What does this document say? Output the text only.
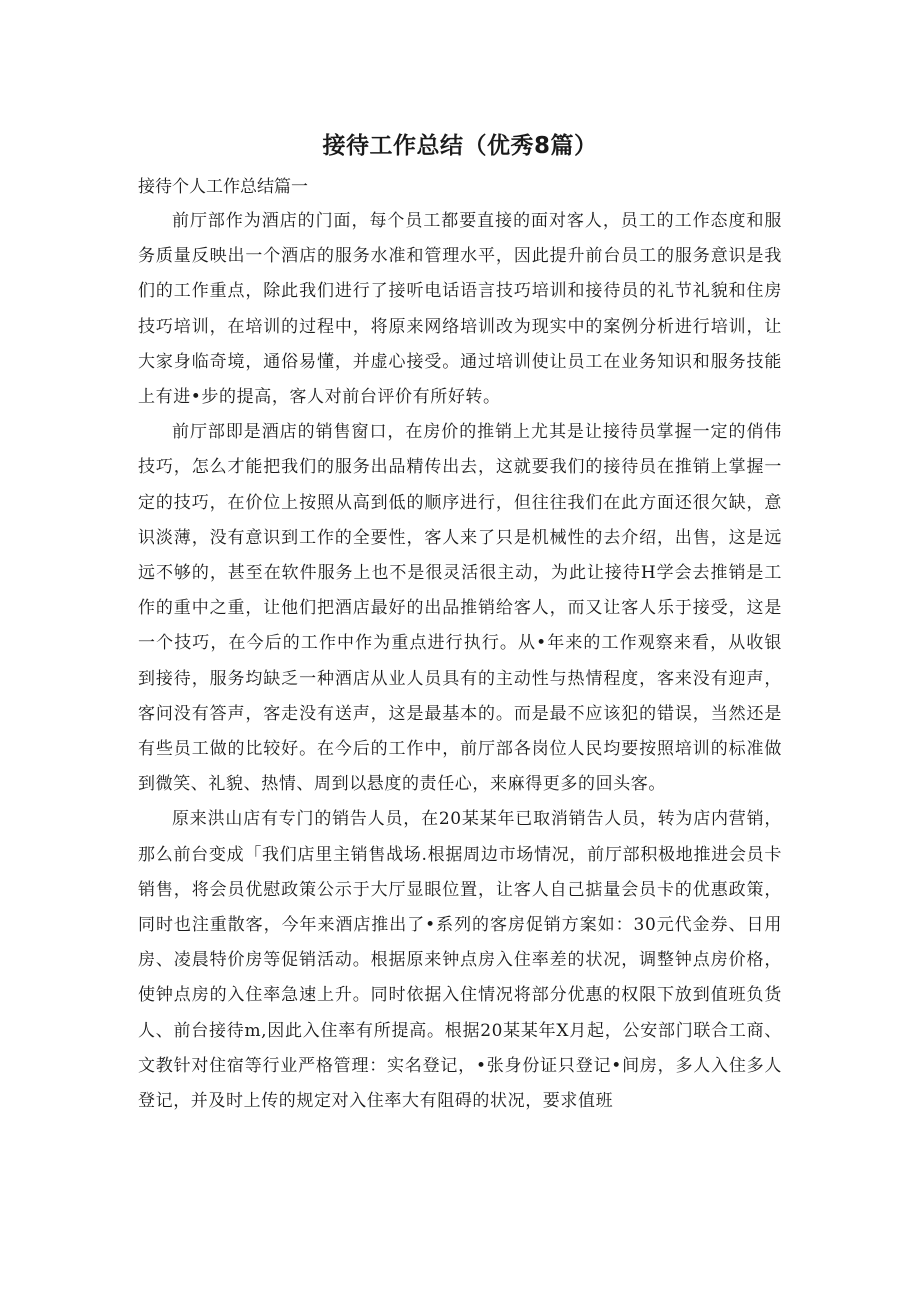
接待工作总结（优秀8篇）
接待个人工作总结篇一

前厅部作为酒店的门面，每个员工都要直接的面对客人，员工的工作态度和服务质量反映出一个酒店的服务水准和管理水平，因此提升前台员工的服务意识是我们的工作重点，除此我们进行了接听电话语言技巧培训和接待员的礼节礼貌和住房技巧培训，在培训的过程中，将原来网络培训改为现实中的案例分析进行培训，让大家身临奇境，通俗易懂，并虚心接受。通过培训使让员工在业务知识和服务技能上有进•步的提高，客人对前台评价有所好转。

前厅部即是酒店的销售窗口，在房价的推销上尤其是让接待员掌握一定的俏伟技巧，怎么才能把我们的服务出品精传出去，这就要我们的接待员在推销上掌握一定的技巧，在价位上按照从高到低的顺序进行，但往往我们在此方面还很欠缺，意识淡薄，没有意识到工作的全要性，客人来了只是机械性的去介绍，出售，这是远远不够的，甚至在软件服务上也不是很灵活很主动，为此让接待H学会去推销是工作的重中之重，让他们把酒店最好的出品推销给客人，而又让客人乐于接受，这是一个技巧，在今后的工作中作为重点进行执行。从•年来的工作观察来看，从收银到接待，服务均缺乏一种酒店从业人员具有的主动性与热情程度，客来没有迎声，客问没有答声，客走没有送声，这是最基本的。而是最不应该犯的错误，当然还是有些员工做的比较好。在今后的工作中，前厅部各岗位人民均要按照培训的标准做到微笑、礼貌、热情、周到以悬度的责任心，来麻得更多的回头客。

原来洪山店有专门的销告人员，在20某某年已取消销告人员，转为店内营销，那么前台变成「我们店里主销售战场.根据周边市场情况，前厅部积极地推进会员卡销售，将会员优慰政策公示于大厅显眼位置，让客人自己掂量会员卡的优惠政策，同时也注重散客，今年来酒店推出了•系列的客房促销方案如：30元代金券、日用房、凌晨特价房等促销活动。根据原来钟点房入住率差的状况，调整钟点房价格，使钟点房的入住率急速上升。同时依据入住情况将部分优惠的权限下放到值班负货人、前台接待m,因此入住率有所提高。根据20某某年X月起，公安部门联合工商、文教针对住宿等行业严格管理：实名登记，•张身份证只登记•间房，多人入住多人登记，并及时上传的规定对入住率大有阻碍的状况，要求值班
